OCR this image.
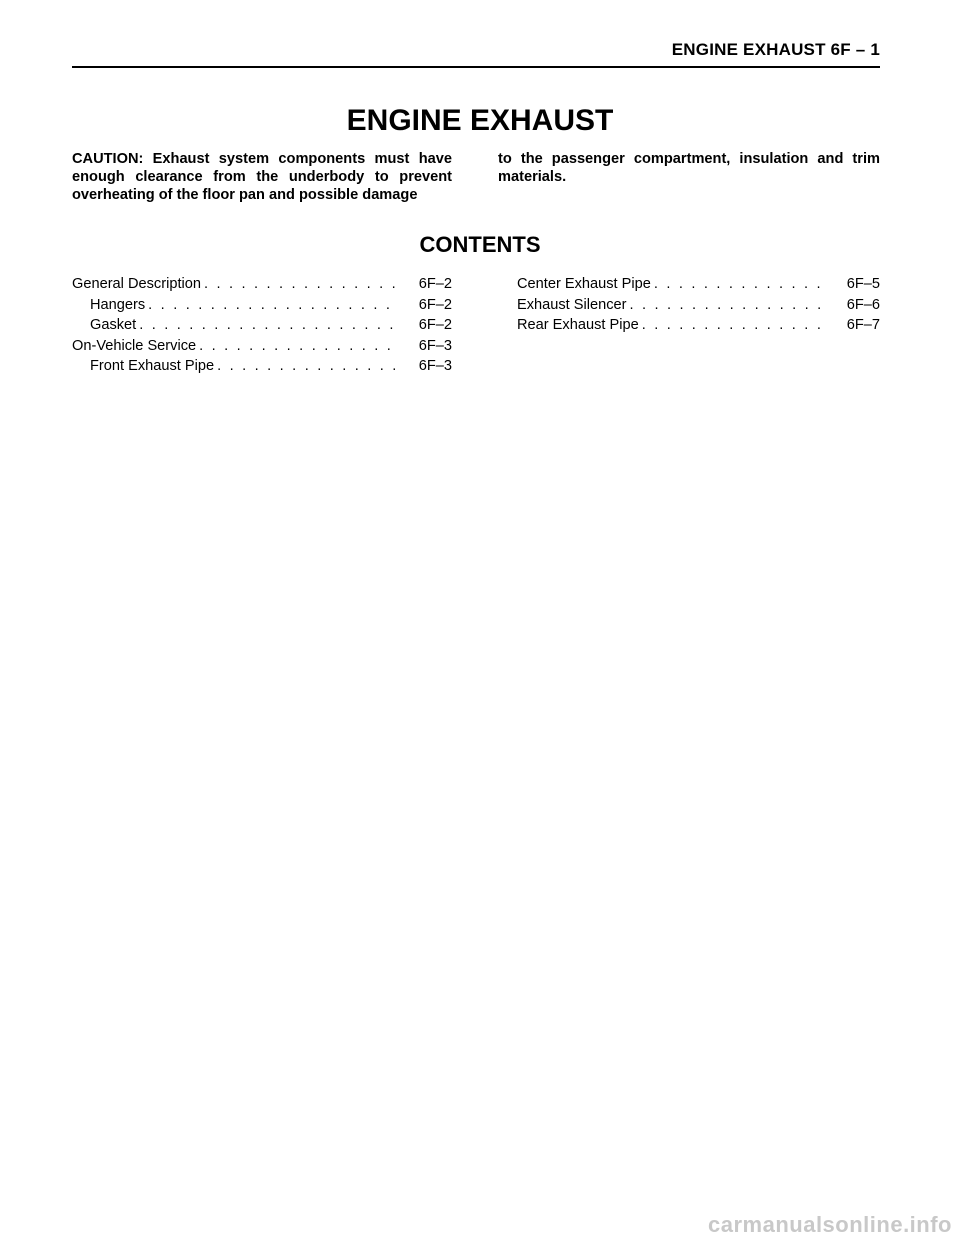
ENGINE EXHAUST 6F – 1
ENGINE EXHAUST

CAUTION: Exhaust system components must have enough clearance from the underbody to prevent overheating of the floor pan and possible damage

to the passenger compartment, insulation and trim materials.

CONTENTS
General Description . . .	6F–2
Hangers . . .	6F–2
Gasket . . .	6F–2
On-Vehicle Service . . .	6F–3
Front Exhaust Pipe . . .	6F–3
Center Exhaust Pipe . . .	6F–5
Exhaust Silencer . . .	6F–6
Rear Exhaust Pipe . . .	6F–7
carmanualsonline.info
